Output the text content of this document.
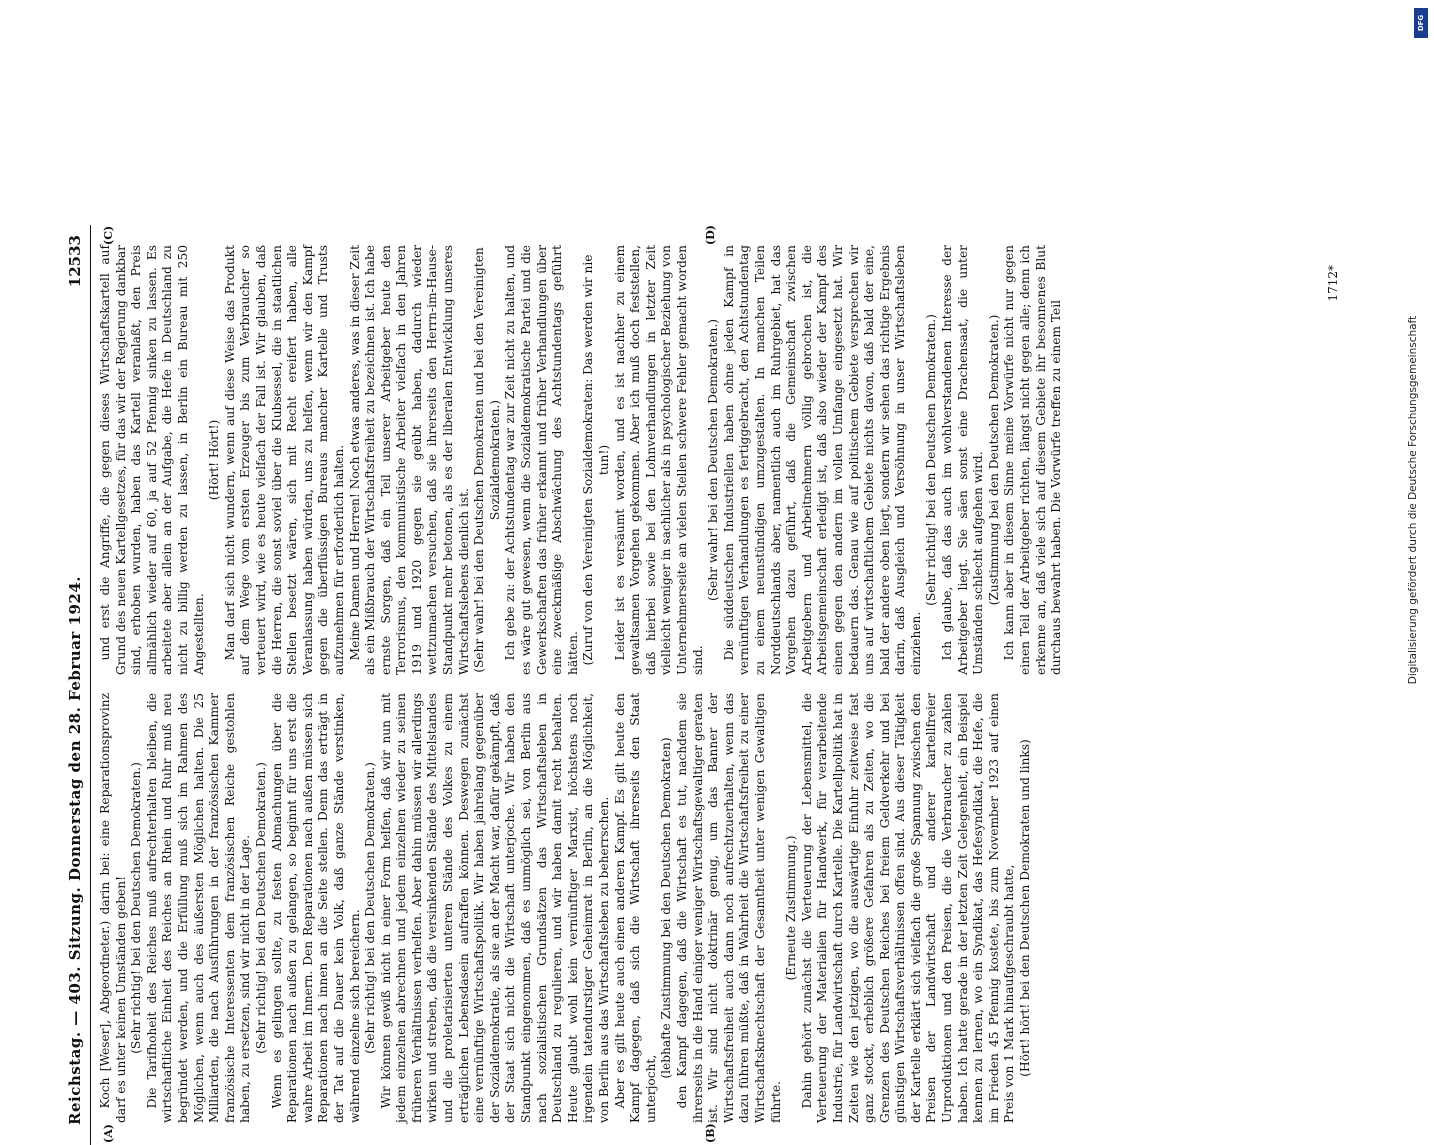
Reichstag. — 403. Sitzung. Donnerstag den 28. Februar 1924.
12533
(A)	(B)
(C)	(D)

Koch [Weser], Abgeordneter.) darin bei: eine Reparationsprovinz darf es unter keinen Umständen geben! (Sehr richtig! bei den Deutschen Demokraten.) Die Tarifhoheit des Reiches muß aufrechterhalten bleiben, die wirtschaftliche Einheit des Reiches an Rhein und Ruhr muß neu begründet werden, und die Erfüllung muß sich im Rahmen des Möglichen, wenn auch des äußersten Möglichen halten. Die 25 Milliarden, die nach Ausführungen in der französischen Kammer französische Interessenten dem französischen Reiche gestohlen haben, zu ersetzen, sind wir nicht in der Lage. (Sehr richtig! bei den Deutschen Demokraten.) Wenn es gelingen sollte, zu festen Abmachungen über die Reparationen nach außen zu gelangen, so beginnt für uns erst die wahre Arbeit im Innern. Den Reparationen nach außen müssen sich Reparationen nach innen an die Seite stellen. Denn das erträgt in der Tat auf die Dauer kein Volk, daß ganze Stände verstinken, während einzelne sich bereichern. (Sehr richtig! bei den Deutschen Demokraten.) Wir können gewiß nicht in einer Form helfen, daß wir nun mit jedem einzelnen abrechnen und jedem einzelnen wieder zu seinen früheren Verhältnissen verhelfen. Aber dahin müssen wir allerdings wirken und streben, daß die versinkenden Stände des Mittelstandes und die proletarisierten unteren Stände des Volkes zu einem erträglichen Lebensdasein aufraffen können. Deswegen zunächst eine vernünftige Wirtschaftspolitik. Wir haben jahrelang gegenüber der Sozialdemokratie, als sie an der Macht war, dafür gekämpft, daß der Staat sich nicht die Wirtschaft unterjoche. Wir haben den Standpunkt eingenommen, daß es unmöglich sei, von Berlin aus nach sozialistischen Grundsätzen das Wirtschaftsleben in Deutschland zu regulieren, und wir haben damit recht behalten. Heute glaubt wohl kein vernünftiger Marxist, höchstens noch irgendein tatendurstiger Geheimrat in Berlin, an die Möglichkeit, von Berlin aus das Wirtschaftsleben zu beherrschen. Aber es gilt heute auch einen anderen Kampf. Es gilt heute den Kampf dagegen, daß sich die Wirtschaft ihrerseits den Staat unterjocht,

(lebhafte Zustimmung bei den Deutschen Demokraten) den Kampf dagegen, daß die Wirtschaft es tut, nachdem sie ihrerseits in die Hand einiger weniger Wirtschaftsgewaltiger geraten ist. Wir sind nicht doktrinär genug, um das Banner der Wirtschaftsfreiheit auch dann noch aufrechtzuerhalten, wenn das dazu führen müßte, daß in Wahrheit die Wirtschaftsfreiheit zu einer Wirtschaftsknechtschaft der Gesamtheit unter wenigen Gewaltigen führte.

(Erneute Zustimmung.) Dahin gehört zunächst die Verteuerung der Lebensmittel, die Verteuerung der Materialien für Handwerk, für verarbeitende Industrie, für Landwirtschaft durch Kartelle. Die Kartellpolitik hat in Zeiten wie den jetzigen, wo die auswärtige Einfuhr zeitweise fast ganz stockt, erheblich größere Gefahren als zu Zeiten, wo die Grenzen des Deutschen Reiches bei freiem Geldverkehr und bei günstigen Wirtschaftsverhältnissen offen sind. Aus dieser Tätigkeit der Kartelle erklärt sich vielfach die große Spannung zwischen den Preisen der Landwirtschaft und anderer kartellfreier Urproduktionen und den Preisen, die die Verbraucher zu zahlen haben. Ich hatte gerade in der letzten Zeit Gelegenheit, ein Beispiel kennen zu lernen, wo ein Syndikat, das Hefesyndikat, die Hefe, die im Frieden 45 Pfennig kostete, bis zum November 1923 auf einen Preis von 1 Mark hinaufgeschraubt hatte, (Hört! hört! bei den Deutschen Demokraten und links)

und erst die Angriffe, die gegen dieses Wirtschaftskartell auf Grund des neuen Kartellgesetzes, für das wir der Regierung dankbar sind, erhoben wurden, haben das Kartell veranlaßt, den Preis allmählich wieder auf 60, ja auf 52 Pfennig sinken zu lassen. Es arbeitete aber allein an der Aufgabe, die Hefe in Deutschland zu nicht zu billig werden zu lassen, in Berlin ein Bureau mit 250 Angestellten.

(Hört! Hört!) Man darf sich nicht wundern, wenn auf diese Weise das Produkt auf dem Wege vom ersten Erzeuger bis zum Verbraucher so verteuert wird, wie es heute vielfach der Fall ist. Wir glauben, daß die Herren, die sonst soviel über die Klubsessel, die in staatlichen Stellen besetzt wären, sich mit Recht ereifert haben, alle Veranlassung haben würden, uns zu helfen, wenn wir den Kampf gegen die überflüssigen Bureaus mancher Kartelle und Trusts aufzunehmen für erforderlich halten. Meine Damen und Herren! Noch etwas anderes, was in dieser Zeit als ein Mißbrauch der Wirtschaftsfreiheit zu bezeichnen ist. Ich habe ernste Sorgen, daß ein Teil unserer Arbeitgeber heute den Terrorismus, den kommunistische Arbeiter vielfach in den Jahren 1919 und 1920 gegen sie geübt haben, dadurch wieder wettzumachen versuchen, daß sie ihrerseits den Herrn-im-Hause-Standpunkt mehr betonen, als es der liberalen Entwicklung unseres Wirtschaftslebens dienlich ist. (Sehr wahr! bei den Deutschen Demokraten und bei den Vereinigten Sozialdemokraten.) Ich gebe zu: der Achtstundentag war zur Zeit nicht zu halten, und es wäre gut gewesen, wenn die Sozialdemokratische Partei und die Gewerkschaften das früher erkannt und früher Verhandlungen über eine zweckmäßige Abschwächung des Achtstundentags geführt hätten. (Zuruf von den Vereinigten Sozialdemokraten: Das werden wir nie tun!) Leider ist es versäumt worden, und es ist nachher zu einem gewaltsamen Vorgehen gekommen. Aber ich muß doch feststellen, daß hierbei sowie bei den Lohnverhandlungen in letzter Zeit vielleicht weniger in sachlicher als in psychologischer Beziehung von Unternehmerseite an vielen Stellen schwere Fehler gemacht worden sind.

(Sehr wahr! bei den Deutschen Demokraten.) Die süddeutschen Industriellen haben ohne jeden Kampf in vernünftigen Verhandlungen es fertiggebracht, den Achtstundentag zu einem neunstündigen umzugestalten. In manchen Teilen Norddeutschlands aber, namentlich auch im Ruhrgebiet, hat das Vorgehen dazu geführt, daß die Gemeinschaft zwischen Arbeitgebern und Arbeitnehmern völlig gebrochen ist, die Arbeitsgemeinschaft erledigt ist, daß also wieder der Kampf des einen gegen den andern im vollen Umfange eingesetzt hat. Wir bedauern das. Genau wie auf politischem Gebiete versprechen wir uns auf wirtschaftlichem Gebiete nichts davon, daß bald der eine, bald der andere oben liegt, sondern wir sehen das richtige Ergebnis darin, daß Ausgleich und Versöhnung in unser Wirtschaftsleben einziehen.

(Sehr richtig! bei den Deutschen Demokraten.) Ich glaube, daß das auch im wohlverstandenen Interesse der Arbeitgeber liegt. Sie säen sonst eine Drachensaat, die unter Umständen schlecht aufgehen wird. (Zustimmung bei den Deutschen Demokraten.) Ich kann aber in diesem Sinne meine Vorwürfe nicht nur gegen einen Teil der Arbeitgeber richten, längst nicht gegen alle; denn ich erkenne an, daß viele sich auf diesem Gebiete ihr besonnenes Blut durchaus bewahrt haben. Die Vorwürfe treffen zu einem Teil

1712*
Digitalisierung gefördert durch die Deutsche Forschungsgemeinschaft
DFG
